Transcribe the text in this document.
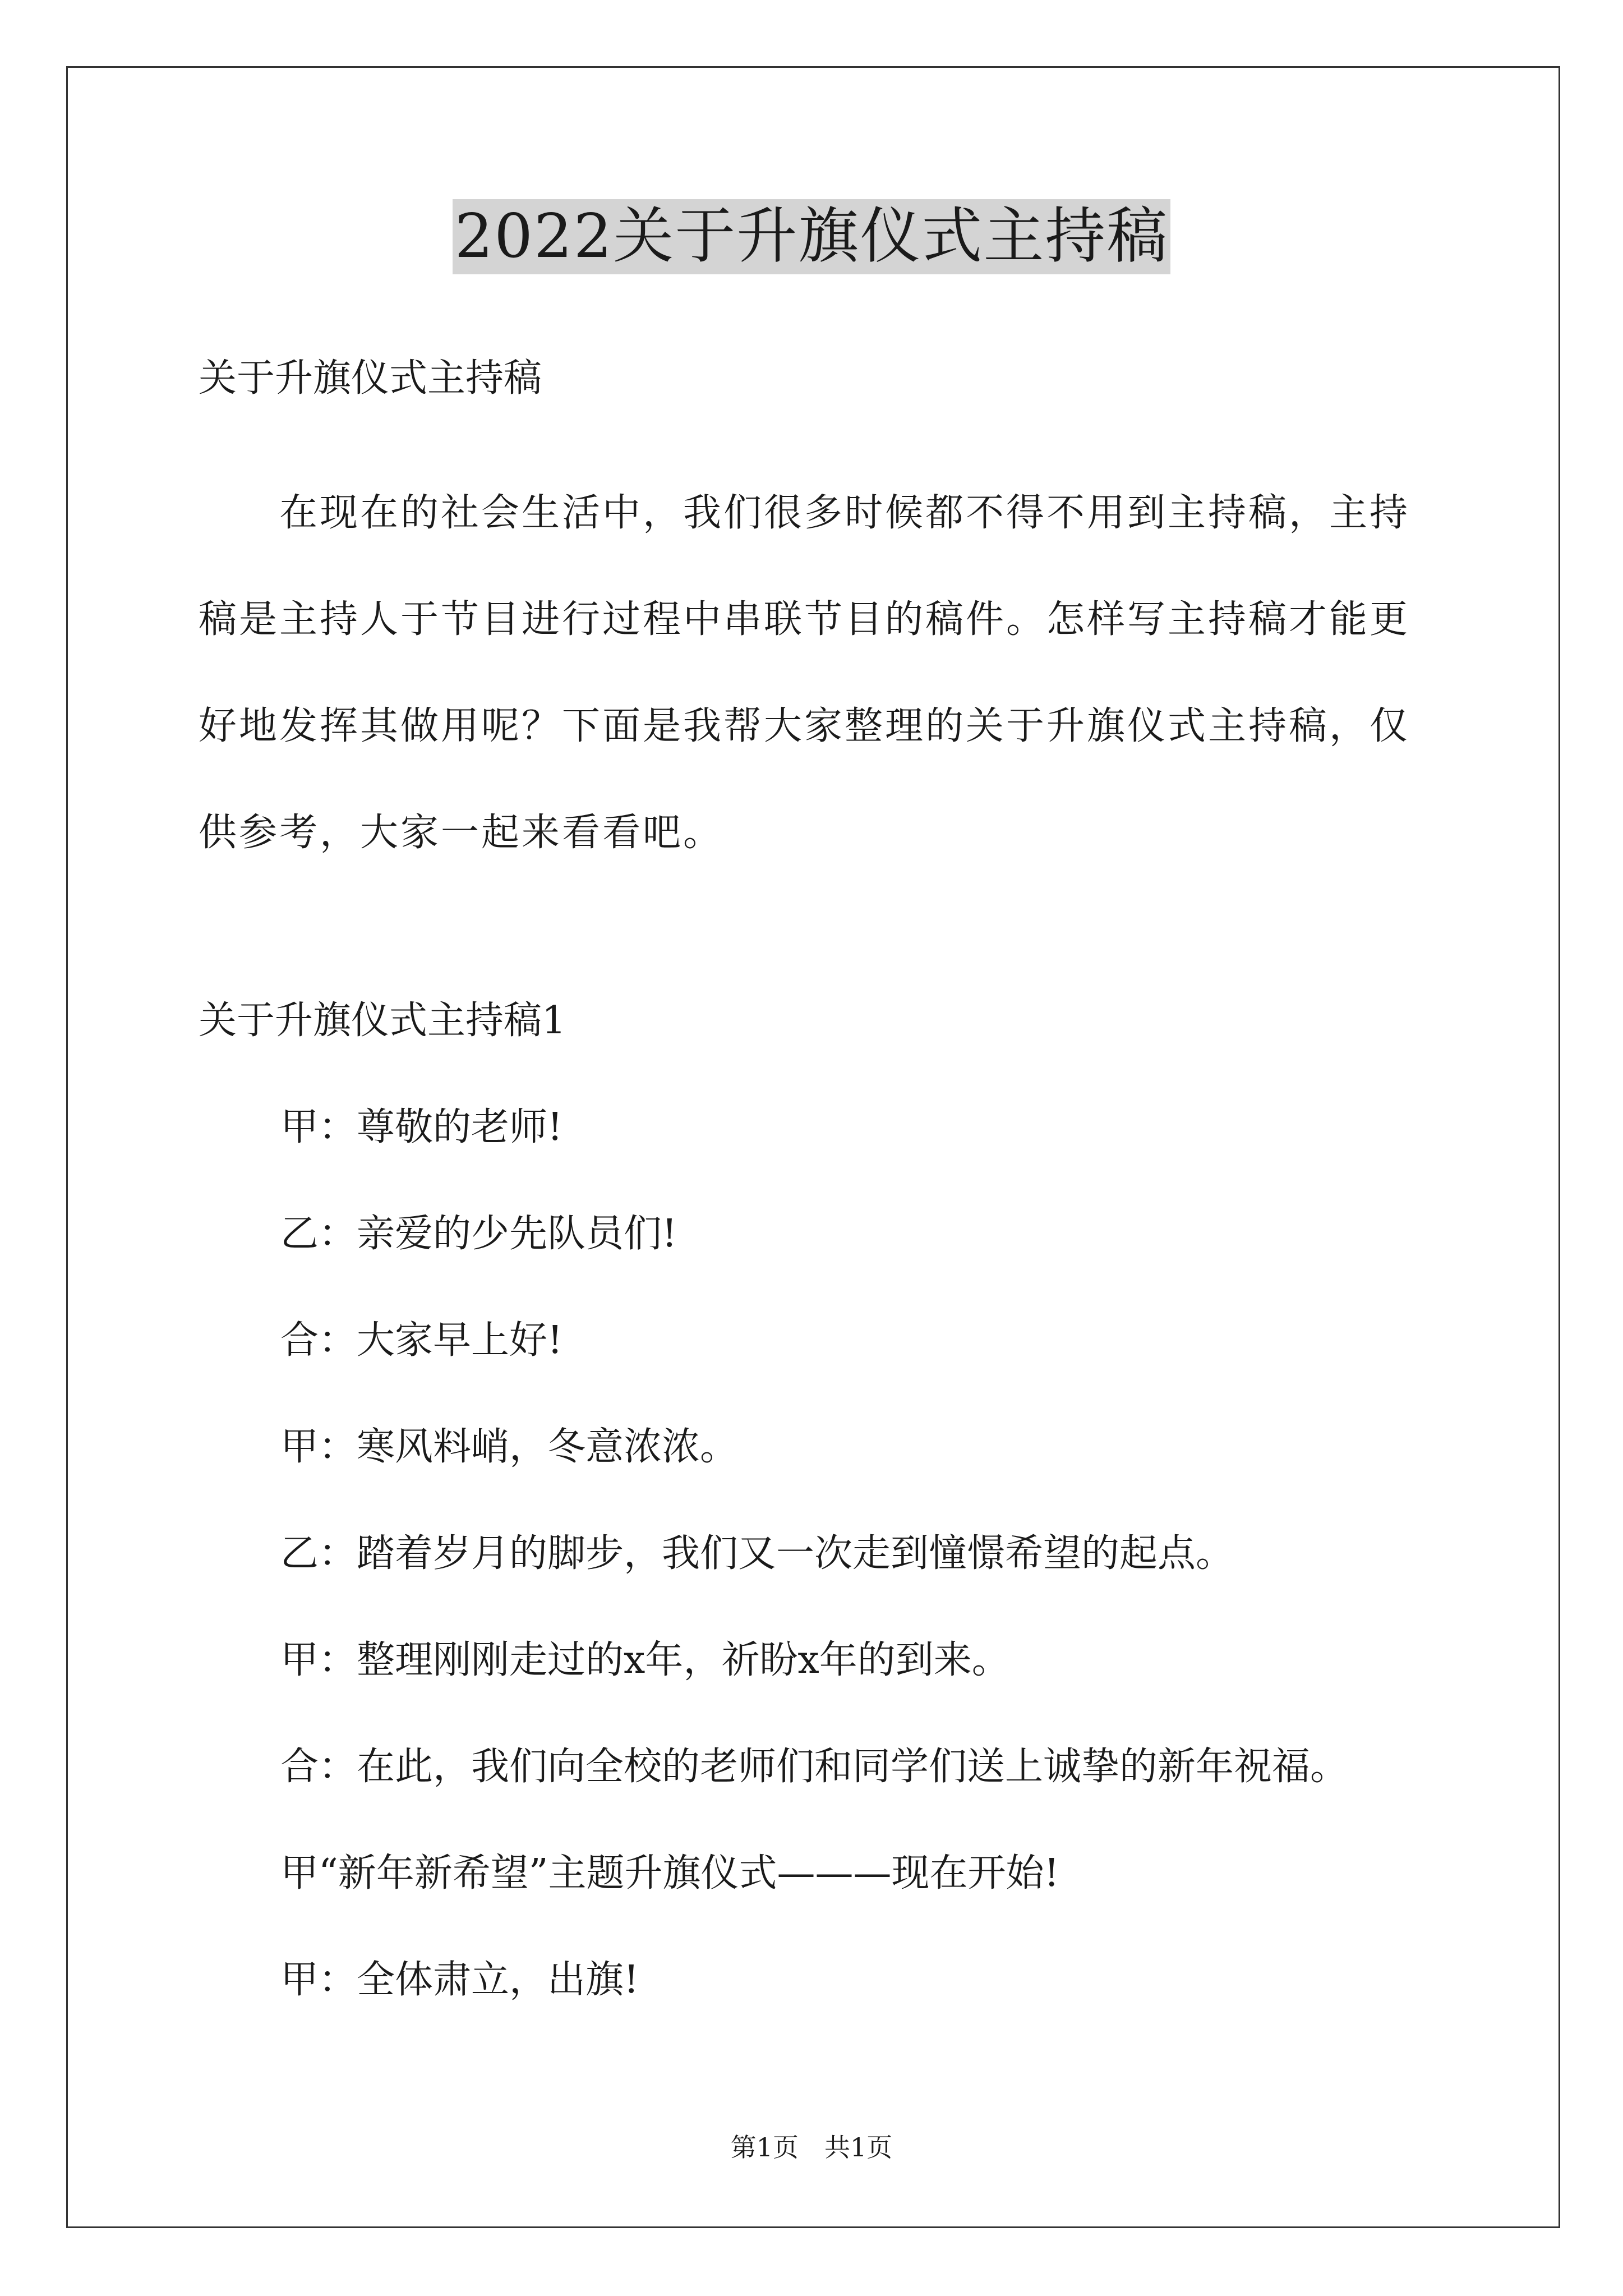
2022关于升旗仪式主持稿
关于升旗仪式主持稿
　　在现在的社会生活中，我们很多时候都不得不用到主持稿，主持
稿是主持人于节目进行过程中串联节目的稿件。怎样写主持稿才能更
好地发挥其做用呢？下面是我帮大家整理的关于升旗仪式主持稿，仅
供参考，大家一起来看看吧。
关于升旗仪式主持稿1
甲：尊敬的老师!
乙：亲爱的少先队员们!
合：大家早上好!
甲：寒风料峭，冬意浓浓。
乙：踏着岁月的脚步，我们又一次走到憧憬希望的起点。
甲：整理刚刚走过的x年，祈盼x年的到来。
合：在此，我们向全校的老师们和同学们送上诚挚的新年祝福。
甲“新年新希望”主题升旗仪式———现在开始!
甲：全体肃立，出旗!
第1页　共1页
